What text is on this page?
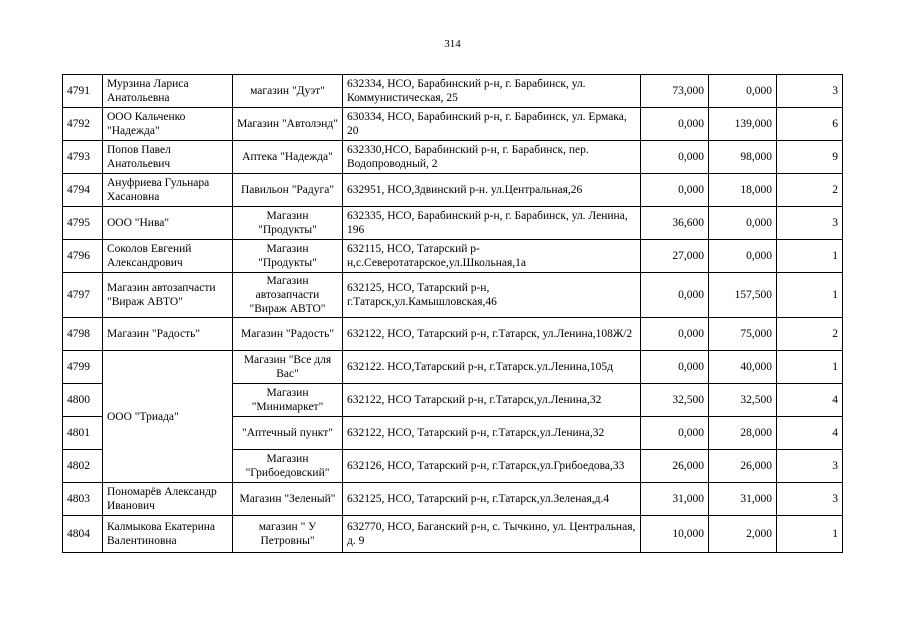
314
4791	Мурзина Лариса Анатольевна	магазин "Дуэт"	632334, НСО, Барабинский р-н, г. Барабинск, ул. Коммунистическая, 25	73,000	0,000	3
4792	ООО Кальченко "Надежда"	Магазин "Автолэнд"	630334, НСО, Барабинский р-н, г. Барабинск, ул. Ермака, 20	0,000	139,000	6
4793	Попов Павел Анатольевич	Аптека "Надежда"	632330,НСО, Барабинский р-н, г. Барабинск, пер. Водопроводный, 2	0,000	98,000	9
4794	Ануфриева Гульнара Хасановна	Павильон "Радуга"	632951, НСО,Здвинский р-н. ул.Центральная,26	0,000	18,000	2
4795	ООО "Нива"	Магазин "Продукты"	632335, НСО, Барабинский р-н, г. Барабинск, ул. Ленина, 196	36,600	0,000	3
4796	Соколов Евгений Александрович	Магазин "Продукты"	632115, НСО, Татарский р-н,с.Северотатарское,ул.Школьная,1а	27,000	0,000	1
4797	Магазин автозапчасти "Вираж АВТО"	Магазин автозапчасти "Вираж АВТО"	632125, НСО, Татарский р-н, г.Татарск,ул.Камышловская,46	0,000	157,500	1
4798	Магазин "Радость"	Магазин "Радость"	632122, НСО, Татарский р-н, г.Татарск, ул.Ленина,108Ж/2	0,000	75,000	2
4799	ООО "Триада"	Магазин "Все для Вас"	632122. НСО,Татарский р-н, г.Татарск.ул.Ленина,105д	0,000	40,000	1
4800		Магазин "Минимаркет"	632122, НСО Татарский р-н, г.Татарск,ул.Ленина,32	32,500	32,500	4
4801		"Аптечный пункт"	632122, НСО, Татарский р-н, г.Татарск,ул.Ленина,32	0,000	28,000	4
4802		Магазин "Грибоедовский"	632126, НСО, Татарский р-н, г.Татарск,ул.Грибоедова,33	26,000	26,000	3
4803	Пономарёв Александр Иванович	Магазин "Зеленый"	632125, НСО, Татарский р-н, г.Татарск,ул.Зеленая,д.4	31,000	31,000	3
4804	Калмыкова Екатерина Валентиновна	магазин " У Петровны"	632770, НСО, Баганский р-н, с. Тычкино, ул. Центральная, д. 9	10,000	2,000	1
